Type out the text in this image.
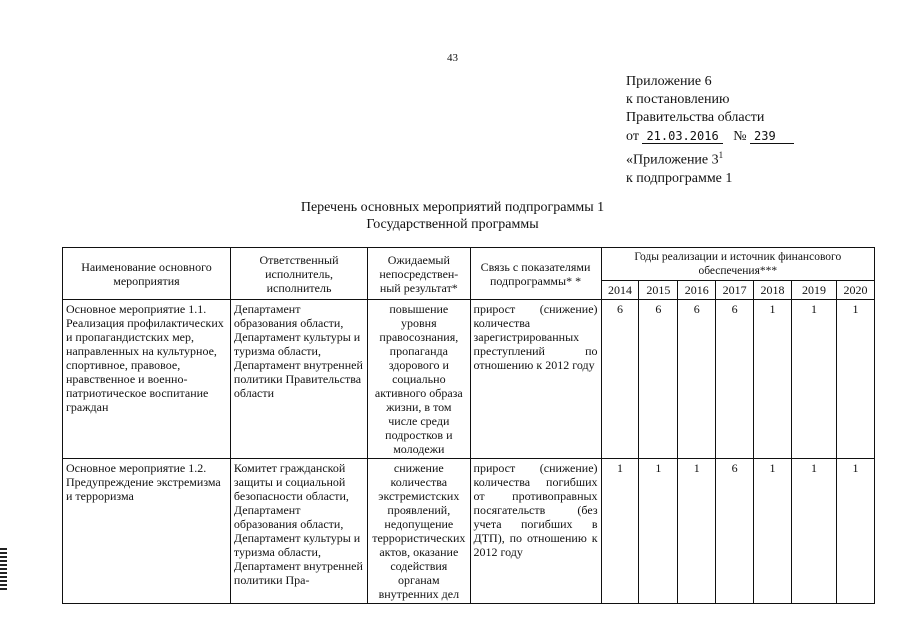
43
Приложение 6
к постановлению
Правительства области
от 21.03.2016 № 239
«Приложение $3^1$
к подпрограмме 1
Перечень основных мероприятий подпрограммы 1
Государственной программы
Наименование основного мероприятия	Ответственный исполнитель, исполнитель	Ожидаемый непосредствен-ный результат*	Связь с показателями подпрограммы* *	Годы реализации и источник финансового обеспечения***						
				2014	2015	2016	2017	2018	2019	2020
Основное мероприятие 1.1. Реализация профилактических и пропагандистских мер, направленных на культурное, спортивное, правовое, нравственное и военно-патриотическое воспитание граждан	Департамент образования области, Департамент культуры и туризма области, Департамент внутренней политики Правительства области	повышение уровня правосознания, пропаганда здорового и социально активного образа жизни, в том числе среди подростков и молодежи	прирост (снижение) количества зарегистрированных преступлений по отношению к 2012 году	6	6	6	6	1	1	1
Основное мероприятие 1.2. Предупреждение экстремизма и терроризма	Комитет гражданской защиты и социальной безопасности области, Департамент образования области, Департамент культуры и туризма области, Департамент внутренней политики Пра-	снижение количества экстремистских проявлений, недопущение террористических актов, оказание содействия органам внутренних дел	прирост (снижение) количества погибших от противоправных посягательств (без учета погибших в ДТП), по отношению к 2012 году	1	1	1	6	1	1	1
